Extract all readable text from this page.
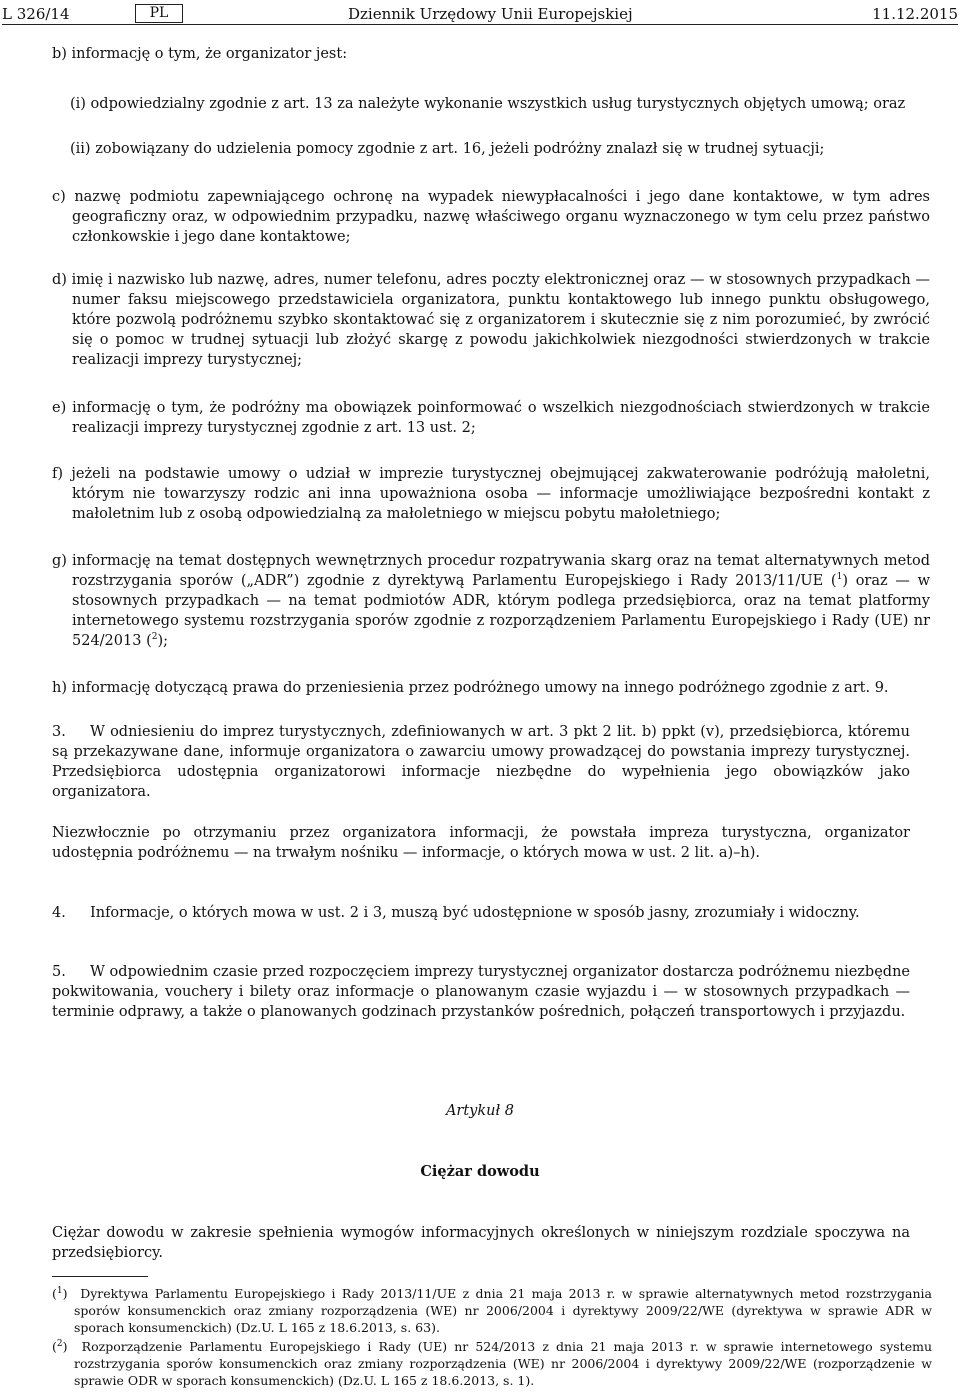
L 326/14	PL	Dziennik Urzędowy Unii Europejskiej	11.12.2015
b) informację o tym, że organizator jest:
(i) odpowiedzialny zgodnie z art. 13 za należyte wykonanie wszystkich usług turystycznych objętych umową; oraz
(ii) zobowiązany do udzielenia pomocy zgodnie z art. 16, jeżeli podróżny znalazł się w trudnej sytuacji;
c) nazwę podmiotu zapewniającego ochronę na wypadek niewypłacalności i jego dane kontaktowe, w tym adres geograficzny oraz, w odpowiednim przypadku, nazwę właściwego organu wyznaczonego w tym celu przez państwo członkowskie i jego dane kontaktowe;
d) imię i nazwisko lub nazwę, adres, numer telefonu, adres poczty elektronicznej oraz — w stosownych przypadkach — numer faksu miejscowego przedstawiciela organizatora, punktu kontaktowego lub innego punktu obsługowego, które pozwolą podróżnemu szybko skontaktować się z organizatorem i skutecznie się z nim porozumieć, by zwrócić się o pomoc w trudnej sytuacji lub złożyć skargę z powodu jakichkolwiek niezgodności stwierdzonych w trakcie realizacji imprezy turystycznej;
e) informację o tym, że podróżny ma obowiązek poinformować o wszelkich niezgodnościach stwierdzonych w trakcie realizacji imprezy turystycznej zgodnie z art. 13 ust. 2;
f) jeżeli na podstawie umowy o udział w imprezie turystycznej obejmującej zakwaterowanie podróżują małoletni, którym nie towarzyszy rodzic ani inna upoważniona osoba — informacje umożliwiające bezpośredni kontakt z małoletnim lub z osobą odpowiedzialną za małoletniego w miejscu pobytu małoletniego;
g) informację na temat dostępnych wewnętrznych procedur rozpatrywania skarg oraz na temat alternatywnych metod rozstrzygania sporów („ADR”) zgodnie z dyrektywą Parlamentu Europejskiego i Rady 2013/11/UE ($^1$) oraz — w stosownych przypadkach — na temat podmiotów ADR, którym podlega przedsiębiorca, oraz na temat platformy internetowego systemu rozstrzygania sporów zgodnie z rozporządzeniem Parlamentu Europejskiego i Rady (UE) nr 524/2013 ($^2$);
h) informację dotyczącą prawa do przeniesienia przez podróżnego umowy na innego podróżnego zgodnie z art. 9.
3. W odniesieniu do imprez turystycznych, zdefiniowanych w art. 3 pkt 2 lit. b) ppkt (v), przedsiębiorca, któremu są przekazywane dane, informuje organizatora o zawarciu umowy prowadzącej do powstania imprezy turystycznej. Przedsiębiorca udostępnia organizatorowi informacje niezbędne do wypełnienia jego obowiązków jako organizatora.
Niezwłocznie po otrzymaniu przez organizatora informacji, że powstała impreza turystyczna, organizator udostępnia podróżnemu — na trwałym nośniku — informacje, o których mowa w ust. 2 lit. a)–h).
4. Informacje, o których mowa w ust. 2 i 3, muszą być udostępnione w sposób jasny, zrozumiały i widoczny.
5. W odpowiednim czasie przed rozpoczęciem imprezy turystycznej organizator dostarcza podróżnemu niezbędne pokwitowania, vouchery i bilety oraz informacje o planowanym czasie wyjazdu i — w stosownych przypadkach — terminie odprawy, a także o planowanych godzinach przystanków pośrednich, połączeń transportowych i przyjazdu.
Artykuł 8
Ciężar dowodu
Ciężar dowodu w zakresie spełnienia wymogów informacyjnych określonych w niniejszym rozdziale spoczywa na przedsiębiorcy.
($^1$)  Dyrektywa Parlamentu Europejskiego i Rady 2013/11/UE z dnia 21 maja 2013 r. w sprawie alternatywnych metod rozstrzygania sporów konsumenckich oraz zmiany rozporządzenia (WE) nr 2006/2004 i dyrektywy 2009/22/WE (dyrektywa w sprawie ADR w sporach konsumenckich) (Dz.U. L 165 z 18.6.2013, s. 63).
($^2$)  Rozporządzenie Parlamentu Europejskiego i Rady (UE) nr 524/2013 z dnia 21 maja 2013 r. w sprawie internetowego systemu rozstrzygania sporów konsumenckich oraz zmiany rozporządzenia (WE) nr 2006/2004 i dyrektywy 2009/22/WE (rozporządzenie w sprawie ODR w sporach konsumenckich) (Dz.U. L 165 z 18.6.2013, s. 1).
